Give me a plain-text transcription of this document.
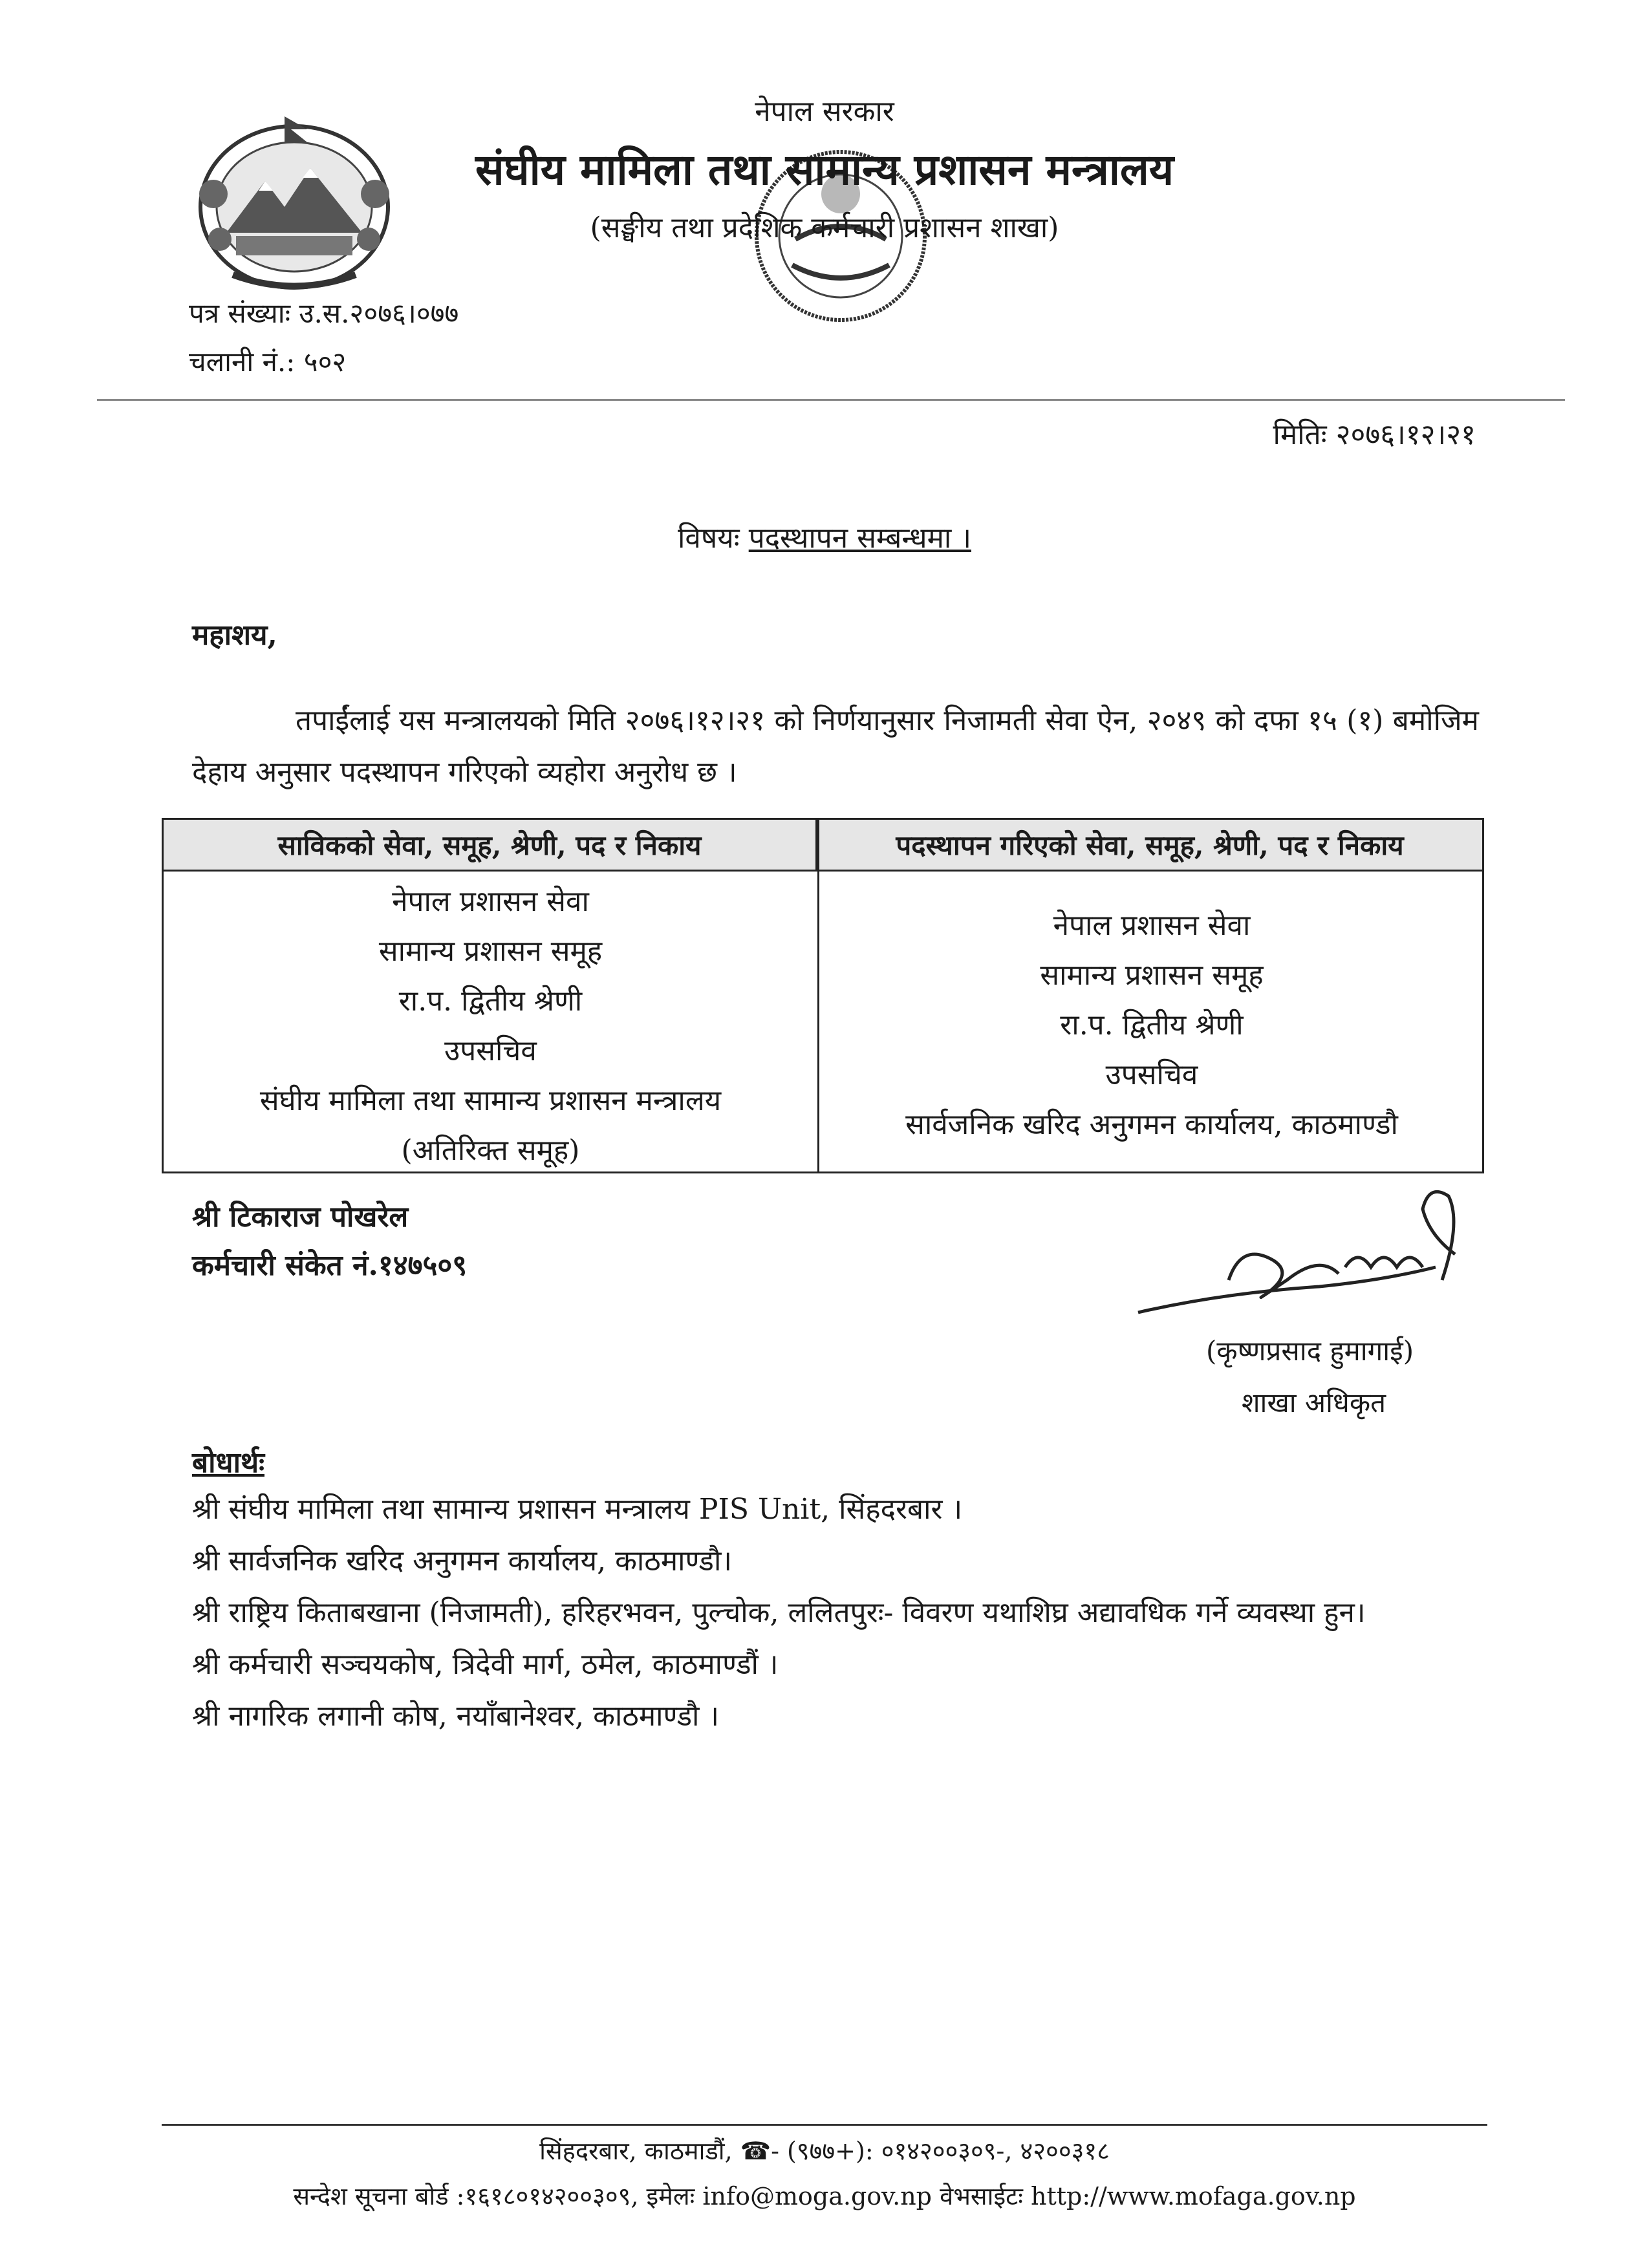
नेपाल सरकार
संघीय मामिला तथा सामान्य प्रशासन मन्त्रालय
(सङ्घीय तथा प्रदेशिक कर्मचारी प्रशासन शाखा)
पत्र संख्याः उ.स.२०७६।०७७
चलानी नं.: ५०२
मितिः २०७६।१२।२१
विषयः पदस्थापन सम्बन्धमा ।
महाशय,
तपाईंलाई यस मन्त्रालयको मिति २०७६।१२।२१ को निर्णयानुसार निजामती सेवा ऐन, २०४९ को दफा १५ (१) बमोजिम देहाय अनुसार पदस्थापन गरिएको व्यहोरा अनुरोध छ ।
साविकको सेवा, समूह, श्रेणी, पद र निकाय	पदस्थापन गरिएको सेवा, समूह, श्रेणी, पद र निकाय
नेपाल प्रशासन सेवा
सामान्य प्रशासन समूह
रा.प. द्वितीय श्रेणी
उपसचिव
संघीय मामिला तथा सामान्य प्रशासन मन्त्रालय
(अतिरिक्त समूह)
नेपाल प्रशासन सेवा
सामान्य प्रशासन समूह
रा.प. द्वितीय श्रेणी
उपसचिव
सार्वजनिक खरिद अनुगमन कार्यालय, काठमाण्डौ
श्री टिकाराज पोखरेल
कर्मचारी संकेत नं.१४७५०९
(कृष्णप्रसाद हुमागाई)
शाखा अधिकृत
बोधार्थः
श्री संघीय मामिला तथा सामान्य प्रशासन मन्त्रालय PIS Unit, सिंहदरबार ।
श्री सार्वजनिक खरिद अनुगमन कार्यालय, काठमाण्डौ।
श्री राष्ट्रिय किताबखाना (निजामती), हरिहरभवन, पुल्चोक, ललितपुरः- विवरण यथाशिघ्र अद्यावधिक गर्ने व्यवस्था हुन।
श्री कर्मचारी सञ्चयकोष, त्रिदेवी मार्ग, ठमेल, काठमाण्डौं ।
श्री नागरिक लगानी कोष, नयाँबानेश्वर, काठमाण्डौ ।
सिंहदरबार, काठमाडौं, ☎- (९७७+): ०१४२००३०९-, ४२००३१८
सन्देश सूचना बोर्ड :१६१८०१४२००३०९, इमेलः info@moga.gov.np वेभसाईटः http://www.mofaga.gov.np
